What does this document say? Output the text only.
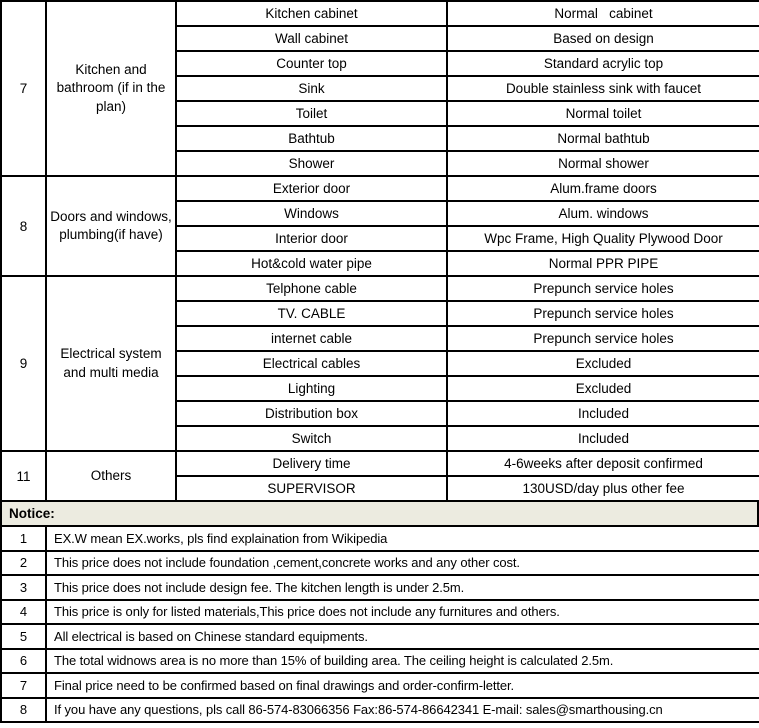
7	Kitchen and bathroom (if in the plan)	Kitchen cabinet	Normal   cabinet
		Wall cabinet	Based on design
		Counter top	Standard acrylic top
		Sink	Double stainless sink with faucet
		Toilet	Normal toilet
		Bathtub	Normal bathtub
		Shower	Normal shower
8	Doors and windows, plumbing(if have)	Exterior door	Alum.frame doors
		Windows	Alum. windows
		Interior door	Wpc Frame, High Quality Plywood Door
		Hot&cold water pipe	Normal PPR PIPE
9	Electrical system and multi media	Telphone cable	Prepunch service holes
		TV. CABLE	Prepunch service holes
		internet cable	Prepunch service holes
		Electrical cables	Excluded
		Lighting	Excluded
		Distribution box	Included
		Switch	Included
11	Others	Delivery time	4-6weeks after deposit confirmed
		SUPERVISOR	130USD/day plus other fee
Notice:
1	EX.W mean EX.works, pls find explaination from Wikipedia
2	This price does not include foundation ,cement,concrete works and any other cost.
3	This price does not include design fee. The kitchen length is under 2.5m.
4	This price is only for listed materials,This price does not include any furnitures and others.
5	All electrical is based on Chinese standard equipments.
6	The total widnows area is no more than 15% of building area. The ceiling height is calculated 2.5m.
7	Final price need to be confirmed based on final drawings and order-confirm-letter.
8	If you have any questions, pls call 86-574-83066356 Fax:86-574-86642341 E-mail: sales@smarthousing.cn
